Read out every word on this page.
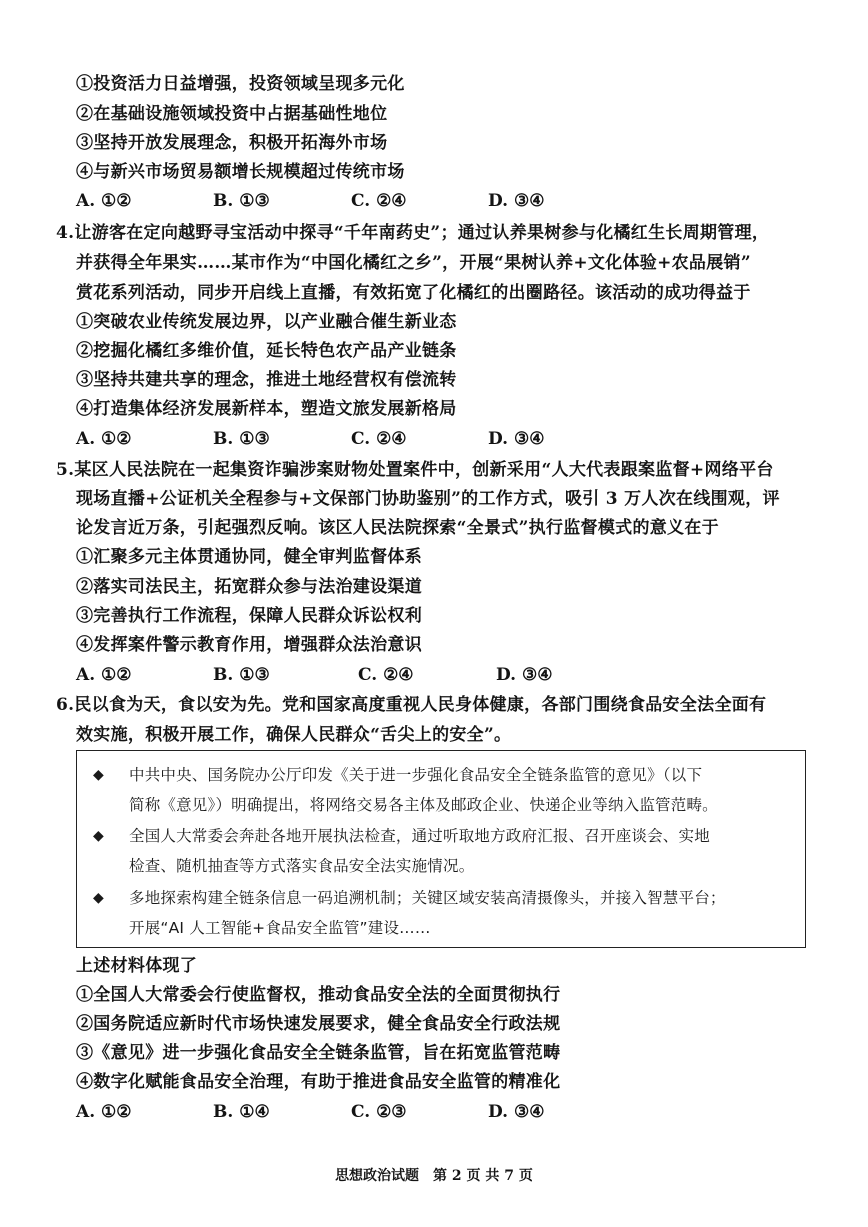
①投资活力日益增强，投资领域呈现多元化
②在基础设施领域投资中占据基础性地位
③坚持开放发展理念，积极开拓海外市场
④与新兴市场贸易额增长规模超过传统市场
A. ①②	B. ①③	C. ②④	D. ③④
4.让游客在定向越野寻宝活动中探寻“千年南药史”；通过认养果树参与化橘红生长周期管理，
并获得全年果实……某市作为“中国化橘红之乡”，开展“果树认养+文化体验+农品展销”
赏花系列活动，同步开启线上直播，有效拓宽了化橘红的出圈路径。该活动的成功得益于
①突破农业传统发展边界，以产业融合催生新业态
②挖掘化橘红多维价值，延长特色农产品产业链条
③坚持共建共享的理念，推进土地经营权有偿流转
④打造集体经济发展新样本，塑造文旅发展新格局
A. ①②	B. ①③	C. ②④	D. ③④
5.某区人民法院在一起集资诈骗涉案财物处置案件中，创新采用“人大代表跟案监督+网络平台
现场直播+公证机关全程参与+文保部门协助鉴别”的工作方式，吸引 3 万人次在线围观，评
论发言近万条，引起强烈反响。该区人民法院探索“全景式”执行监督模式的意义在于
①汇聚多元主体贯通协同，健全审判监督体系
②落实司法民主，拓宽群众参与法治建设渠道
③完善执行工作流程，保障人民群众诉讼权利
④发挥案件警示教育作用，增强群众法治意识
A. ①②	B. ①③	C. ②④	D. ③④
6.民以食为天，食以安为先。党和国家高度重视人民身体健康，各部门围绕食品安全法全面有
效实施，积极开展工作，确保人民群众“舌尖上的安全”。
◆ 中共中央、国务院办公厅印发《关于进一步强化食品安全全链条监管的意见》（以下
简称《意见》）明确提出，将网络交易各主体及邮政企业、快递企业等纳入监管范畴。
◆ 全国人大常委会奔赴各地开展执法检查，通过听取地方政府汇报、召开座谈会、实地
检查、随机抽查等方式落实食品安全法实施情况。
◆ 多地探索构建全链条信息一码追溯机制；关键区域安装高清摄像头，并接入智慧平台；
开展“AI 人工智能+食品安全监管”建设……
上述材料体现了
①全国人大常委会行使监督权，推动食品安全法的全面贯彻执行
②国务院适应新时代市场快速发展要求，健全食品安全行政法规
③《意见》进一步强化食品安全全链条监管，旨在拓宽监管范畴
④数字化赋能食品安全治理，有助于推进食品安全监管的精准化
A. ①②	B. ①④	C. ②③	D. ③④
思想政治试题　第 2 页 共 7 页
